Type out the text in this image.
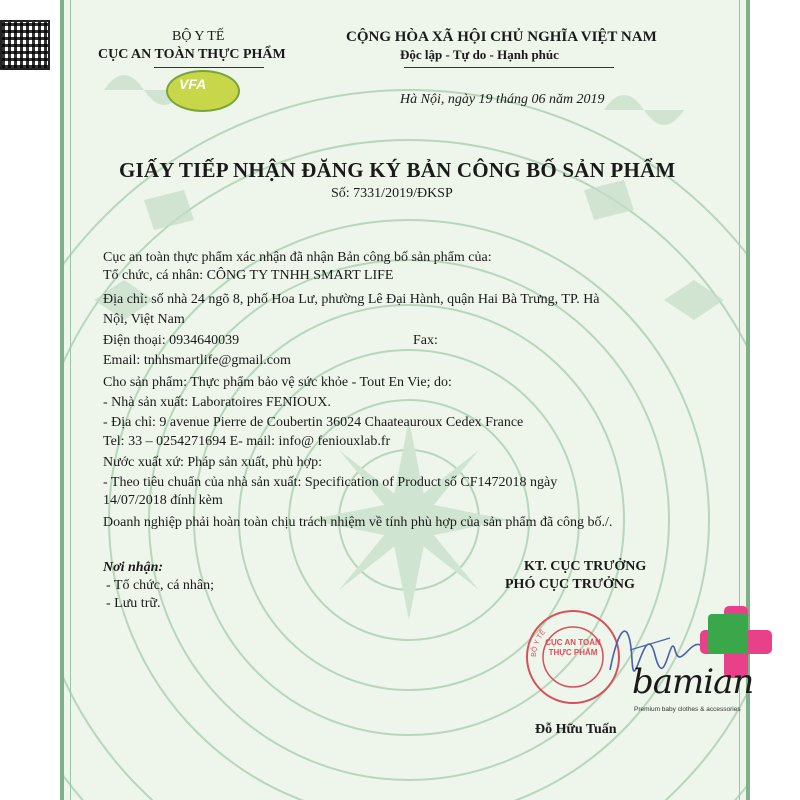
BỘ Y TẾ
CỤC AN TOÀN THỰC PHẨM
VFA
CỘNG HÒA XÃ HỘI CHỦ NGHĨA VIỆT NAM
Độc lập - Tự do - Hạnh phúc
Hà Nội, ngày 19 tháng 06 năm 2019
GIẤY TIẾP NHẬN ĐĂNG KÝ BẢN CÔNG BỐ SẢN PHẨM
Số: 7331/2019/ĐKSP
Cục an toàn thực phẩm xác nhận đã nhận Bản công bố sản phẩm của:
Tổ chức, cá nhân: CÔNG TY TNHH SMART LIFE
Địa chỉ: số nhà 24 ngõ 8, phố Hoa Lư, phường Lê Đại Hành, quận Hai Bà Trưng, TP. Hà
Nội, Việt Nam
Điện thoại: 0934640039	Fax:
Email: tnhhsmartlife@gmail.com
Cho sản phẩm: Thực phẩm bảo vệ sức khỏe - Tout En Vie; do:
- Nhà sản xuất: Laboratoires FENIOUX.
- Địa chỉ: 9 avenue Pierre de Coubertin 36024 Chaateauroux Cedex France
Tel: 33 – 0254271694 E- mail: info@ feniouxlab.fr
Nước xuất xứ: Pháp sản xuất, phù hợp:
- Theo tiêu chuẩn của nhà sản xuất: Specification of Product số CF1472018 ngày
14/07/2018 đính kèm
Doanh nghiệp phải hoàn toàn chịu trách nhiệm về tính phù hợp của sản phẩm đã công bố./.
Nơi nhận:
- Tổ chức, cá nhân;
- Lưu trữ.
KT. CỤC TRƯỞNG
PHÓ CỤC TRƯỞNG
BỘ Y TẾ
CỤC AN TOÀN THỰC PHẨM
Đỗ Hữu Tuấn
bamian
Premium baby clothes & accessories
